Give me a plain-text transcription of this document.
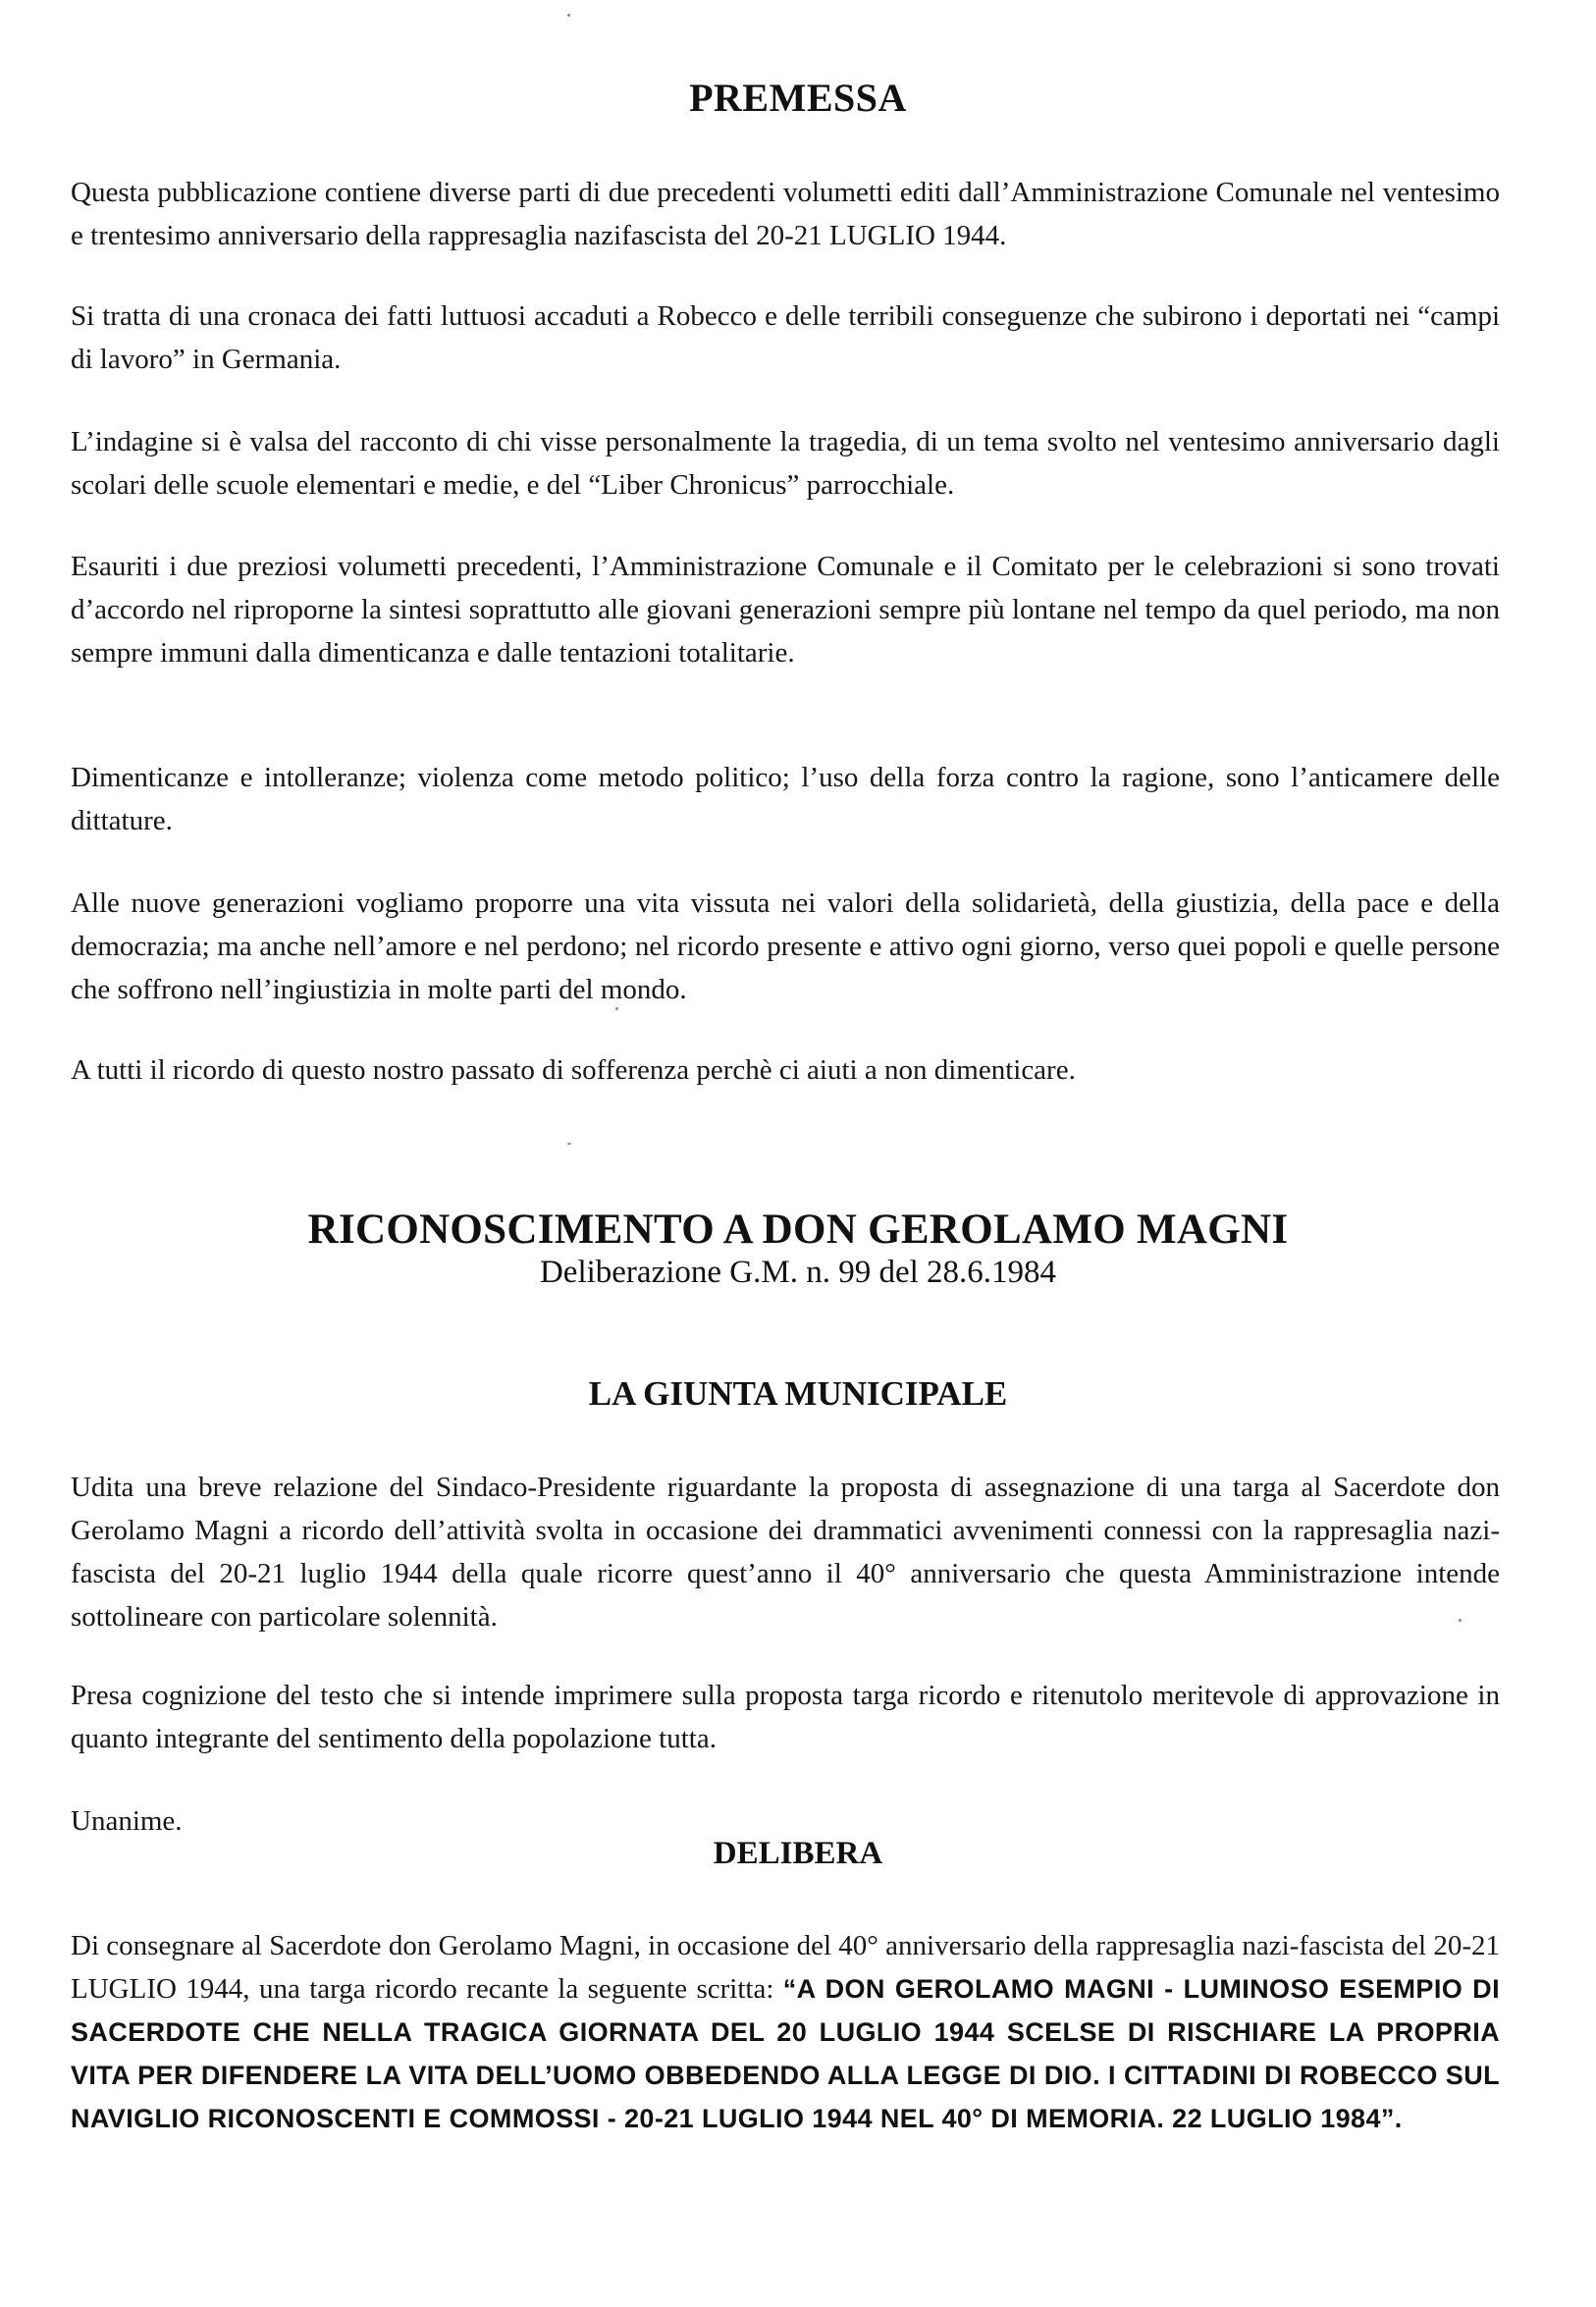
PREMESSA

Questa pubblicazione contiene diverse parti di due precedenti volumetti editi dall’Amministrazione Comunale nel ventesimo e trentesimo anniversario della rappresaglia nazifascista del 20-21 LUGLIO 1944.

Si tratta di una cronaca dei fatti luttuosi accaduti a Robecco e delle terribili conseguenze che subirono i deportati nei “campi di lavoro” in Germania.

L’indagine si è valsa del racconto di chi visse personalmente la tragedia, di un tema svolto nel ventesimo anniversario dagli scolari delle scuole elementari e medie, e del “Liber Chronicus” parrocchiale.

Esauriti i due preziosi volumetti precedenti, l’Amministrazione Comunale e il Comitato per le celebrazioni si sono trovati d’accordo nel riproporne la sintesi soprattutto alle giovani generazioni sempre più lontane nel tempo da quel periodo, ma non sempre immuni dalla dimenticanza e dalle tentazioni totalitarie.

Dimenticanze e intolleranze; violenza come metodo politico; l’uso della forza contro la ragione, sono l’anticamere delle dittature.

Alle nuove generazioni vogliamo proporre una vita vissuta nei valori della solidarietà, della giustizia, della pace e della democrazia; ma anche nell’amore e nel perdono; nel ricordo presente e attivo ogni giorno, verso quei popoli e quelle persone che soffrono nell’ingiustizia in molte parti del mondo.

A tutti il ricordo di questo nostro passato di sofferenza perchè ci aiuti a non dimenticare.

RICONOSCIMENTO A DON GEROLAMO MAGNI
Deliberazione G.M. n. 99 del 28.6.1984
LA GIUNTA MUNICIPALE

Udita una breve relazione del Sindaco-Presidente riguardante la proposta di assegnazione di una targa al Sacerdote don Gerolamo Magni a ricordo dell’attività svolta in occasione dei drammatici avvenimenti connessi con la rappresaglia nazi-fascista del 20-21 luglio 1944 della quale ricorre quest’anno il 40° anniversario che questa Amministrazione intende sottolineare con particolare solennità.

Presa cognizione del testo che si intende imprimere sulla proposta targa ricordo e ritenutolo meritevole di approvazione in quanto integrante del sentimento della popolazione tutta.

Unanime.

DELIBERA

Di consegnare al Sacerdote don Gerolamo Magni, in occasione del 40° anniversario della rappresaglia nazi-fascista del 20-21 LUGLIO 1944, una targa ricordo recante la seguente scritta: “A DON GEROLAMO MAGNI - LUMINOSO ESEMPIO DI SACERDOTE CHE NELLA TRAGICA GIORNATA DEL 20 LUGLIO 1944 SCELSE DI RISCHIARE LA PROPRIA VITA PER DIFENDERE LA VITA DELL’UOMO OBBEDENDO ALLA LEGGE DI DIO. I CITTADINI DI ROBECCO SUL NAVIGLIO RICONOSCENTI E COMMOSSI - 20-21 LUGLIO 1944 NEL 40° DI MEMORIA. 22 LUGLIO 1984”.
